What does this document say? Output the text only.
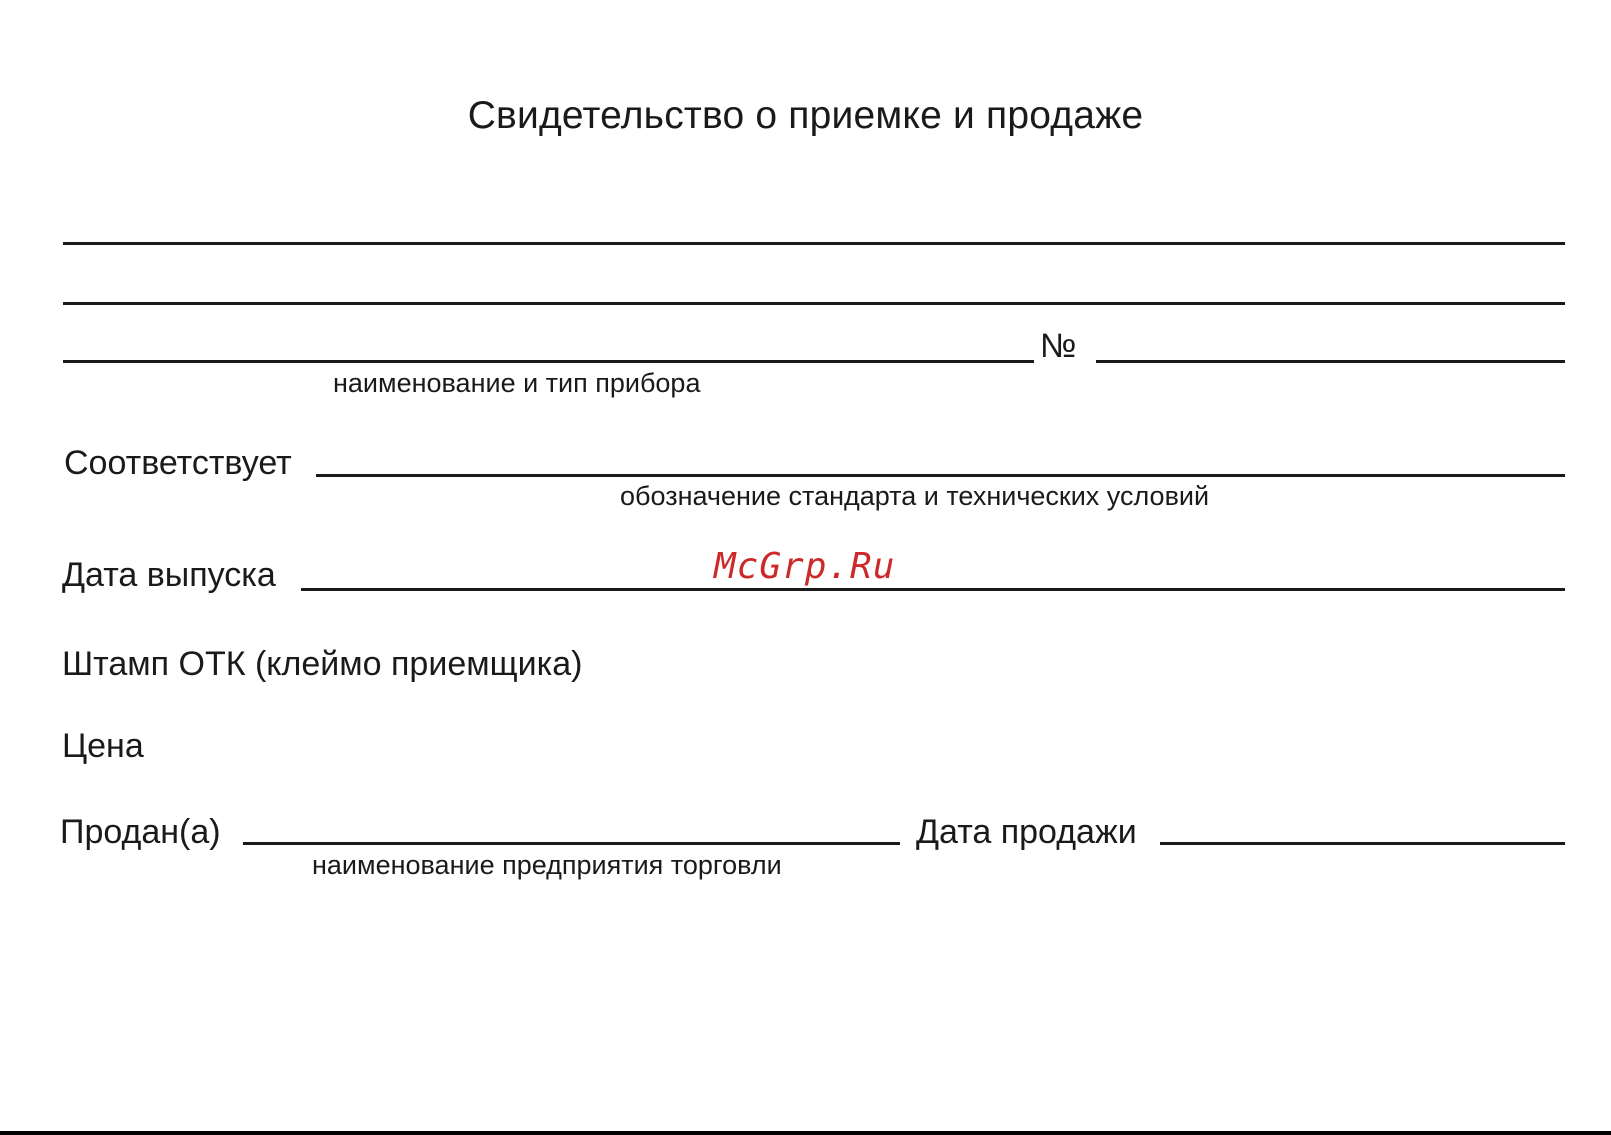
Свидетельство о приемке и продаже
№
наименование и тип прибора
Соответствует
обозначение стандарта и технических условий
Дата выпуска
Штамп ОТК (клеймо приемщика)
Цена
Продан(а)
наименование предприятия торговли
Дата продажи
McGrp.Ru
